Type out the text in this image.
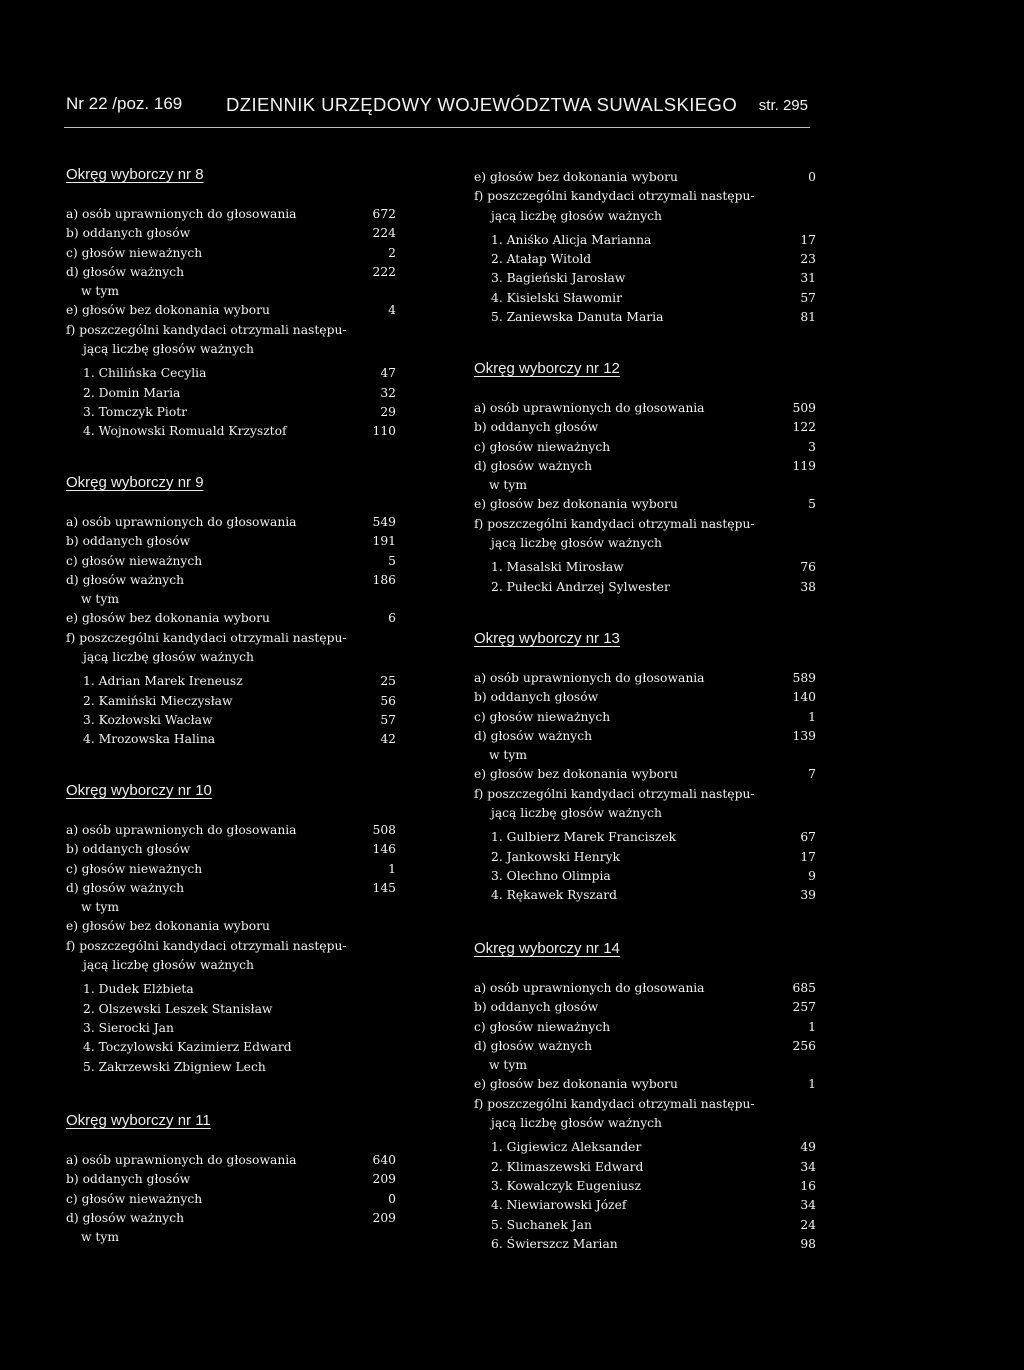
Nr 22 /poz. 169 DZIENNIK URZĘDOWY WOJEWÓDZTWA SUWALSKIEGO str. 295
Okręg wyborczy nr 8
a) osób uprawnionych do głosowania	672
b) oddanych głosów	224
c) głosów nieważnych	2
d) głosów ważnych	222
w tym
e) głosów bez dokonania wyboru	4
f) poszczególni kandydaci otrzymali następu-
jącą liczbę głosów ważnych
1. Chilińska Cecylia	47
2. Domin Maria	32
3. Tomczyk Piotr	29
4. Wojnowski Romuald Krzysztof	110
Okręg wyborczy nr 9
a) osób uprawnionych do głosowania	549
b) oddanych głosów	191
c) głosów nieważnych	5
d) głosów ważnych	186
w tym
e) głosów bez dokonania wyboru	6
f) poszczególni kandydaci otrzymali następu-
jącą liczbę głosów ważnych
1. Adrian Marek Ireneusz	25
2. Kamiński Mieczysław	56
3. Kozłowski Wacław	57
4. Mrozowska Halina	42
Okręg wyborczy nr 10
a) osób uprawnionych do głosowania	508
b) oddanych głosów	146
c) głosów nieważnych	1
d) głosów ważnych	145
w tym
e) głosów bez dokonania wyboru
f) poszczególni kandydaci otrzymali następu-
jącą liczbę głosów ważnych
1. Dudek Elżbieta
2. Olszewski Leszek Stanisław
3. Sierocki Jan
4. Toczylowski Kazimierz Edward
5. Zakrzewski Zbigniew Lech
Okręg wyborczy nr 11
a) osób uprawnionych do głosowania	640
b) oddanych głosów	209
c) głosów nieważnych	0
d) głosów ważnych	209
w tym
e) głosów bez dokonania wyboru	0
f) poszczególni kandydaci otrzymali następu-
jącą liczbę głosów ważnych
1. Aniśko Alicja Marianna	17
2. Atałap Witold	23
3. Bagieński Jarosław	31
4. Kisielski Sławomir	57
5. Zaniewska Danuta Maria	81
Okręg wyborczy nr 12
a) osób uprawnionych do głosowania	509
b) oddanych głosów	122
c) głosów nieważnych	3
d) głosów ważnych	119
w tym
e) głosów bez dokonania wyboru	5
f) poszczególni kandydaci otrzymali następu-
jącą liczbę głosów ważnych
1. Masalski Mirosław	76
2. Pułecki Andrzej Sylwester	38
Okręg wyborczy nr 13
a) osób uprawnionych do głosowania	589
b) oddanych głosów	140
c) głosów nieważnych	1
d) głosów ważnych	139
w tym
e) głosów bez dokonania wyboru	7
f) poszczególni kandydaci otrzymali następu-
jącą liczbę głosów ważnych
1. Gulbierz Marek Franciszek	67
2. Jankowski Henryk	17
3. Olechno Olimpia	9
4. Rękawek Ryszard	39
Okręg wyborczy nr 14
a) osób uprawnionych do głosowania	685
b) oddanych głosów	257
c) głosów nieważnych	1
d) głosów ważnych	256
w tym
e) głosów bez dokonania wyboru	1
f) poszczególni kandydaci otrzymali następu-
jącą liczbę głosów ważnych
1. Gigiewicz Aleksander	49
2. Klimaszewski Edward	34
3. Kowalczyk Eugeniusz	16
4. Niewiarowski Józef	34
5. Suchanek Jan	24
6. Świerszcz Marian	98
